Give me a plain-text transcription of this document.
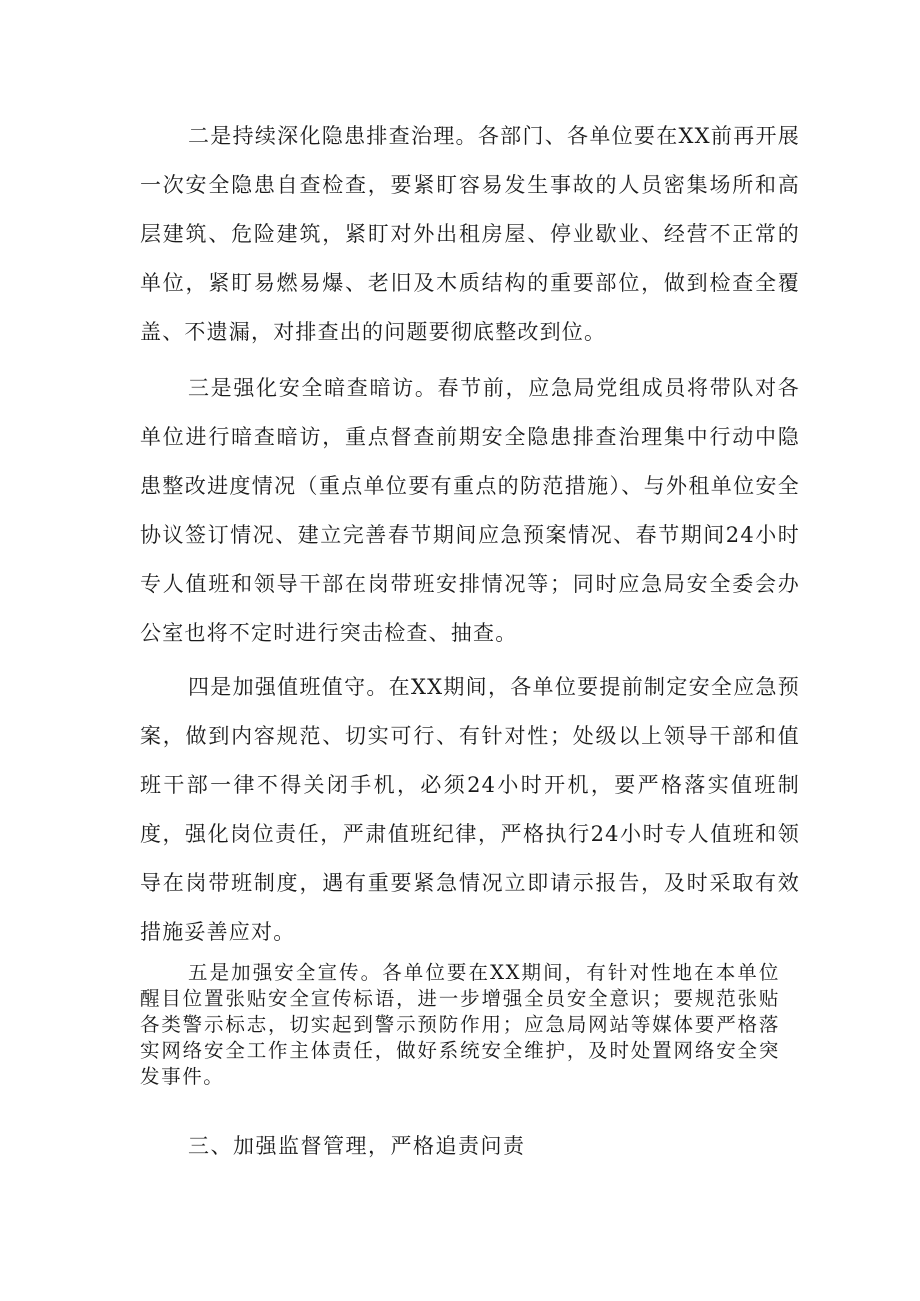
二是持续深化隐患排查治理。各部门、各单位要在XX前再开展一次安全隐患自查检查，要紧盯容易发生事故的人员密集场所和高层建筑、危险建筑，紧盯对外出租房屋、停业歇业、经营不正常的单位，紧盯易燃易爆、老旧及木质结构的重要部位，做到检查全覆盖、不遗漏，对排查出的问题要彻底整改到位。

三是强化安全暗查暗访。春节前，应急局党组成员将带队对各单位进行暗查暗访，重点督查前期安全隐患排查治理集中行动中隐患整改进度情况（重点单位要有重点的防范措施）、与外租单位安全协议签订情况、建立完善春节期间应急预案情况、春节期间24小时专人值班和领导干部在岗带班安排情况等；同时应急局安全委会办公室也将不定时进行突击检查、抽查。

四是加强值班值守。在XX期间，各单位要提前制定安全应急预案，做到内容规范、切实可行、有针对性；处级以上领导干部和值班干部一律不得关闭手机，必须24小时开机，要严格落实值班制度，强化岗位责任，严肃值班纪律，严格执行24小时专人值班和领导在岗带班制度，遇有重要紧急情况立即请示报告，及时采取有效措施妥善应对。

五是加强安全宣传。各单位要在XX期间，有针对性地在本单位醒目位置张贴安全宣传标语，进一步增强全员安全意识；要规范张贴各类警示标志，切实起到警示预防作用；应急局网站等媒体要严格落实网络安全工作主体责任，做好系统安全维护，及时处置网络安全突发事件。

三、加强监督管理，严格追责问责
